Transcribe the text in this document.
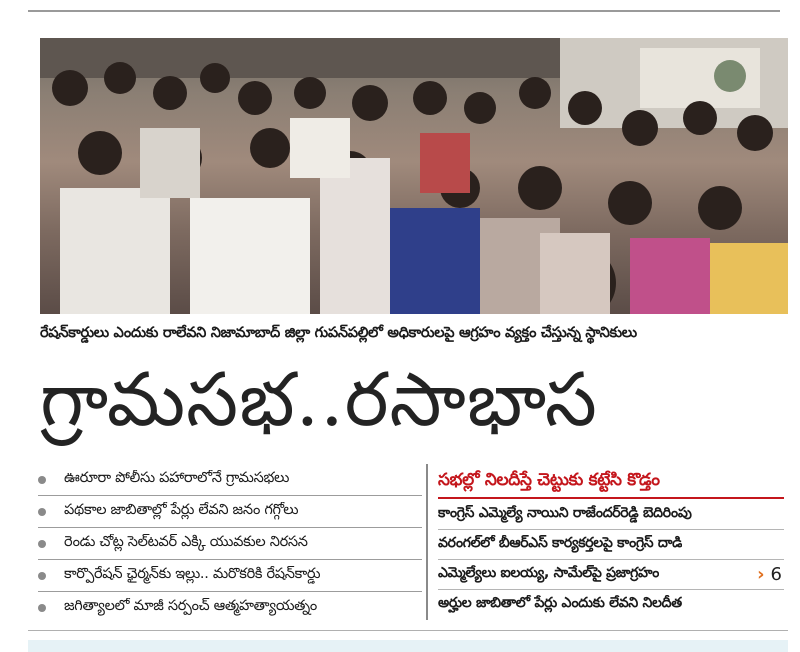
రేషన్‌కార్డులు ఎందుకు రాలేవని నిజామాబాద్ జిల్లా గుపన్‌పల్లిలో అధికారులపై ఆగ్రహం వ్యక్తం చేస్తున్న స్థానికులు
గ్రామసభ..రసాభాస
ఊరూరా పోలీసు పహారాలోనే గ్రామసభలు
పథకాల జాబితాల్లో పేర్లు లేవని జనం గగ్గోలు
రెండు చోట్ల సెల్‌టవర్ ఎక్కి యువకుల నిరసన
కార్పొరేషన్ ఛైర్మన్‌కు ఇల్లు.. మరొకరికి రేషన్‌కార్డు
జగిత్యాలలో మాజీ సర్పంచ్ ఆత్మహత్యాయత్నం
సభల్లో నిలదీస్తే చెట్టుకు కట్టేసి కొడ్తం
కాంగ్రెస్ ఎమ్మెల్యే నాయిని రాజేందర్‌రెడ్డి బెదిరింపు
వరంగల్‌లో బీఆర్ఎస్ కార్యకర్తలపై కాంగ్రెస్ దాడి
ఎమ్మెల్యేలు ఐలయ్య, సామేల్‌పై ప్రజాగ్రహం	› 6
అర్హుల జాబితాలో పేర్లు ఎందుకు లేవని నిలదీత
